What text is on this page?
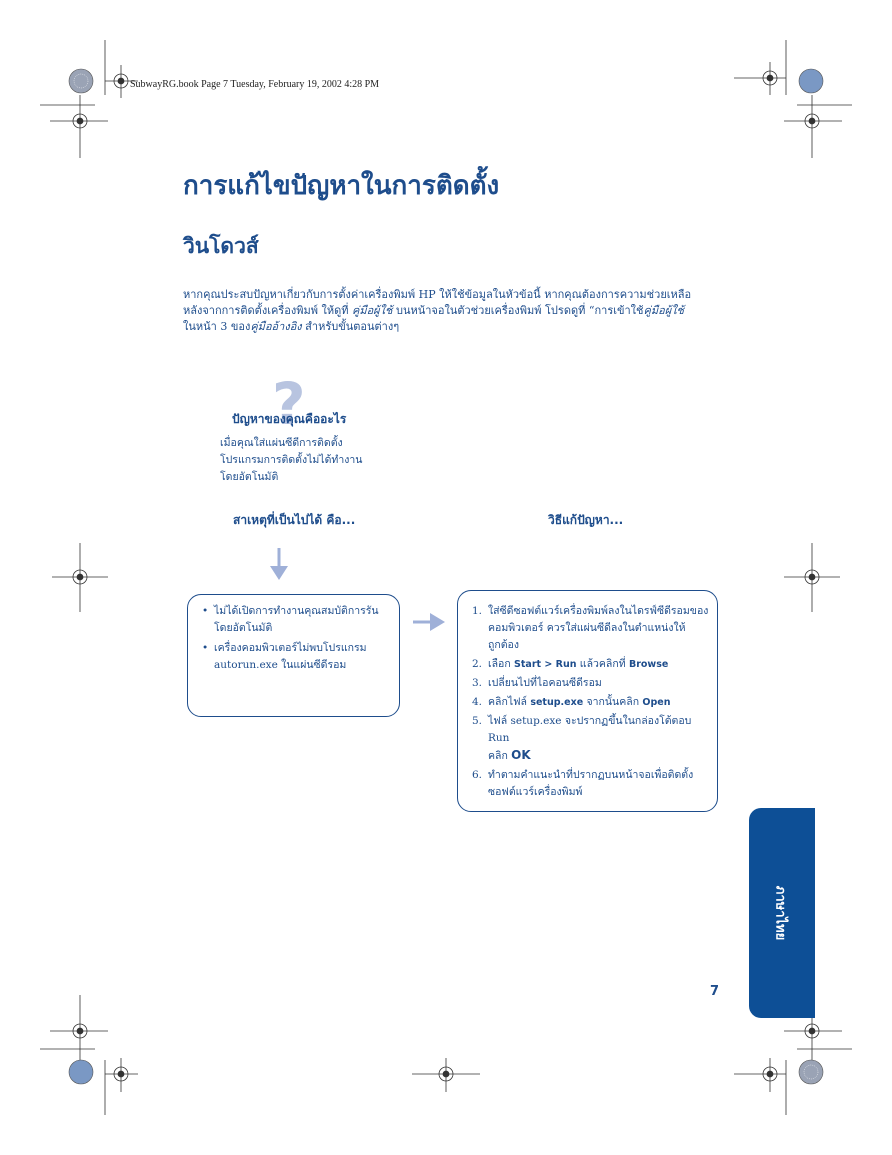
SubwayRG.book Page 7 Tuesday, February 19, 2002 4:28 PM
การแก้ไขปัญหาในการติดตั้ง
วินโดวส์
หากคุณประสบปัญหาเกี่ยวกับการตั้งค่าเครื่องพิมพ์ HP ให้ใช้ข้อมูลในหัวข้อนี้ หากคุณต้องการความช่วยเหลือ
หลังจากการติดตั้งเครื่องพิมพ์ ให้ดูที่ คู่มือผู้ใช้ บนหน้าจอในตัวช่วยเครื่องพิมพ์ โปรดดูที่ “การเข้าใช้คู่มือผู้ใช้
ในหน้า 3 ของคู่มืออ้างอิง สำหรับขั้นตอนต่างๆ
?
ปัญหาของคุณคืออะไร
เมื่อคุณใส่แผ่นซีดีการติดตั้ง
โปรแกรมการติดตั้งไม่ได้ทำงาน
โดยอัตโนมัติ
สาเหตุที่เป็นไปได้ คือ...	วิธีแก้ปัญหา...
• ไม่ได้เปิดการทำงานคุณสมบัติการรัน
โดยอัตโนมัติ
• เครื่องคอมพิวเตอร์ไม่พบโปรแกรม
autorun.exe ในแผ่นซีดีรอม
1. ใส่ซีดีซอฟต์แวร์เครื่องพิมพ์ลงในไดรฟ์ซีดีรอมของ
คอมพิวเตอร์ ควรใส่แผ่นซีดีลงในตำแหน่งให้
ถูกต้อง
2. เลือก Start > Run แล้วคลิกที่ Browse
3. เปลี่ยนไปที่ไอคอนซีดีรอม
4. คลิกไฟล์ setup.exe จากนั้นคลิก Open
5. ไฟล์ setup.exe จะปรากฏขึ้นในกล่องโต้ตอบ Run
คลิก OK
6. ทำตามคำแนะนำที่ปรากฏบนหน้าจอเพื่อติดตั้ง
ซอฟต์แวร์เครื่องพิมพ์
ภาษาไทย
7
